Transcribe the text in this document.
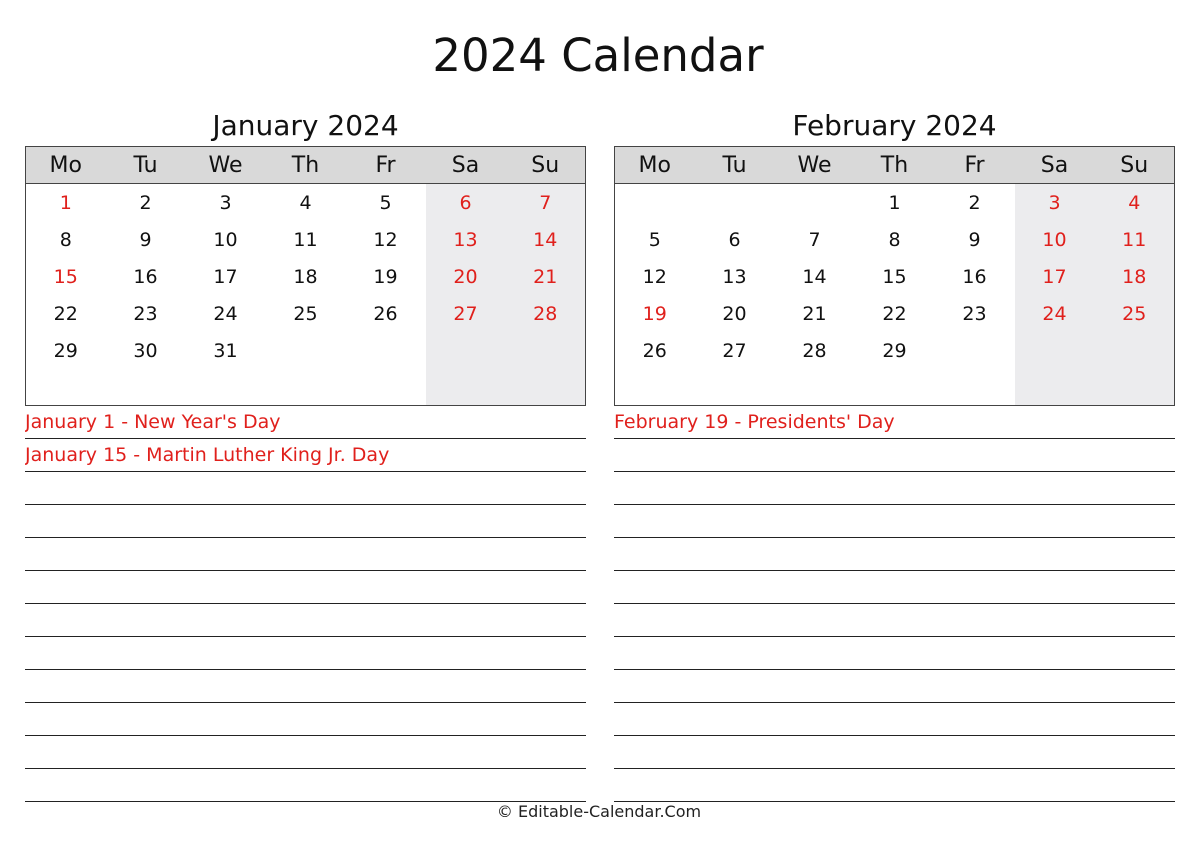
2024 Calendar
January 2024
Mo	Tu	We	Th	Fr	Sa	Su
1	2	3	4	5	6	7
8	9	10	11	12	13	14
15	16	17	18	19	20	21
22	23	24	25	26	27	28
29	30	31				

January 1 - New Year's Day
January 15 - Martin Luther King Jr. Day
February 2024
Mo	Tu	We	Th	Fr	Sa	Su
			1	2	3	4
5	6	7	8	9	10	11
12	13	14	15	16	17	18
19	20	21	22	23	24	25
26	27	28	29			

February 19 - Presidents' Day
© Editable-Calendar.Com
